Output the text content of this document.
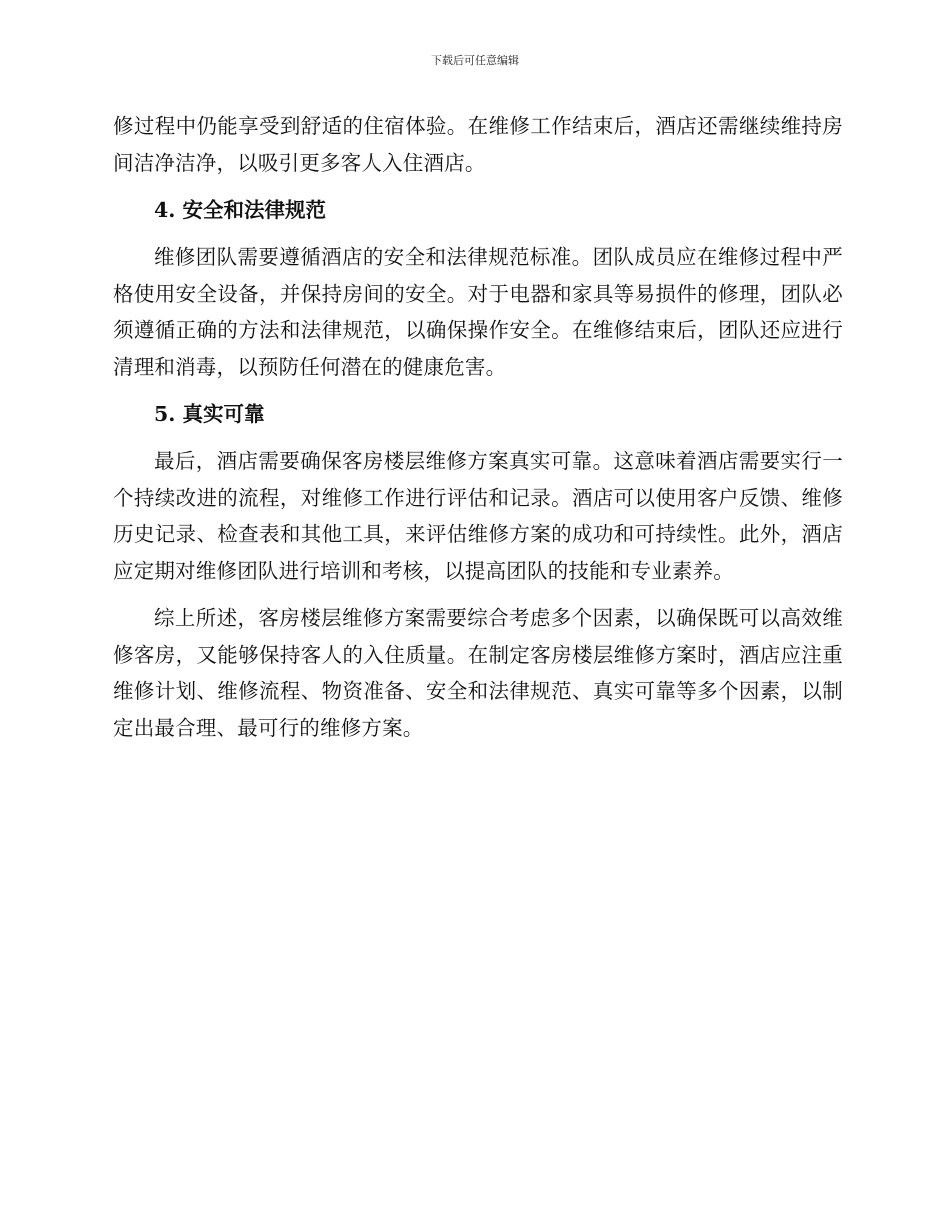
下载后可任意编辑

修过程中仍能享受到舒适的住宿体验。在维修工作结束后，酒店还需继续维持房间洁净洁净，以吸引更多客人入住酒店。

4. 安全和法律规范

维修团队需要遵循酒店的安全和法律规范标准。团队成员应在维修过程中严格使用安全设备，并保持房间的安全。对于电器和家具等易损件的修理，团队必须遵循正确的方法和法律规范，以确保操作安全。在维修结束后，团队还应进行清理和消毒，以预防任何潜在的健康危害。

5. 真实可靠

最后，酒店需要确保客房楼层维修方案真实可靠。这意味着酒店需要实行一个持续改进的流程，对维修工作进行评估和记录。酒店可以使用客户反馈、维修历史记录、检查表和其他工具，来评估维修方案的成功和可持续性。此外，酒店应定期对维修团队进行培训和考核，以提高团队的技能和专业素养。

综上所述，客房楼层维修方案需要综合考虑多个因素，以确保既可以高效维修客房，又能够保持客人的入住质量。在制定客房楼层维修方案时，酒店应注重维修计划、维修流程、物资准备、安全和法律规范、真实可靠等多个因素，以制定出最合理、最可行的维修方案。
